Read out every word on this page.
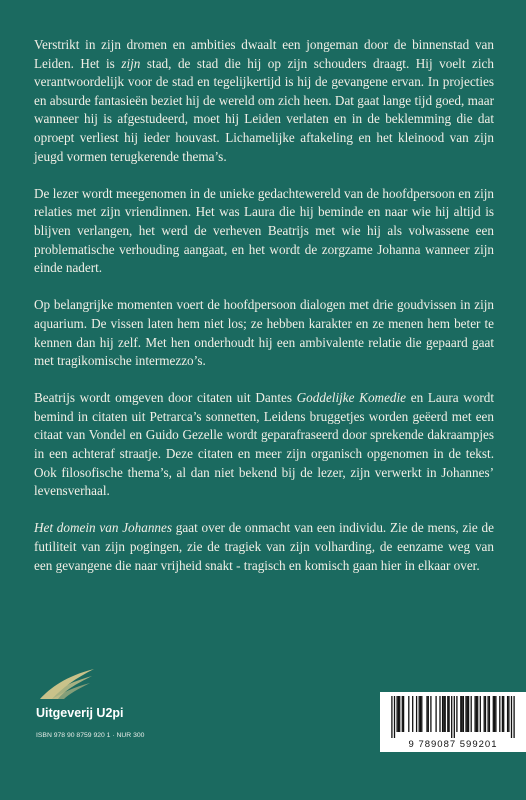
Verstrikt in zijn dromen en ambities dwaalt een jongeman door de binnenstad van Leiden. Het is zijn stad, de stad die hij op zijn schouders draagt. Hij voelt zich verantwoordelijk voor de stad en tegelijkertijd is hij de gevangene ervan. In projecties en absurde fantasieën beziet hij de wereld om zich heen. Dat gaat lange tijd goed, maar wanneer hij is afgestudeerd, moet hij Leiden verlaten en in de beklemming die dat oproept verliest hij ieder houvast. Lichamelijke aftakeling en het kleinood van zijn jeugd vormen terugkerende thema’s.

De lezer wordt meegenomen in de unieke gedachtewereld van de hoofdpersoon en zijn relaties met zijn vriendinnen. Het was Laura die hij beminde en naar wie hij altijd is blijven verlangen, het werd de verheven Beatrijs met wie hij als volwassene een problematische verhouding aangaat, en het wordt de zorgzame Johanna wanneer zijn einde nadert.

Op belangrijke momenten voert de hoofdpersoon dialogen met drie goudvissen in zijn aquarium. De vissen laten hem niet los; ze hebben karakter en ze menen hem beter te kennen dan hij zelf. Met hen onderhoudt hij een ambivalente relatie die gepaard gaat met tragikomische intermezzo’s.

Beatrijs wordt omgeven door citaten uit Dantes Goddelijke Komedie en Laura wordt bemind in citaten uit Petrarca’s sonnetten, Leidens bruggetjes worden geëerd met een citaat van Vondel en Guido Gezelle wordt geparafraseerd door sprekende dakraampjes in een achteraf straatje. Deze citaten en meer zijn organisch opgenomen in de tekst. Ook filosofische thema’s, al dan niet bekend bij de lezer, zijn verwerkt in Johannes’ levensverhaal.

Het domein van Johannes gaat over de onmacht van een individu. Zie de mens, zie de futiliteit van zijn pogingen, zie de tragiek van zijn volharding, de eenzame weg van een gevangene die naar vrijheid snakt - tragisch en komisch gaan hier in elkaar over.

Uitgeverij U2pi
ISBN 978 90 8759 920 1 · NUR 300
9 789087 599201
